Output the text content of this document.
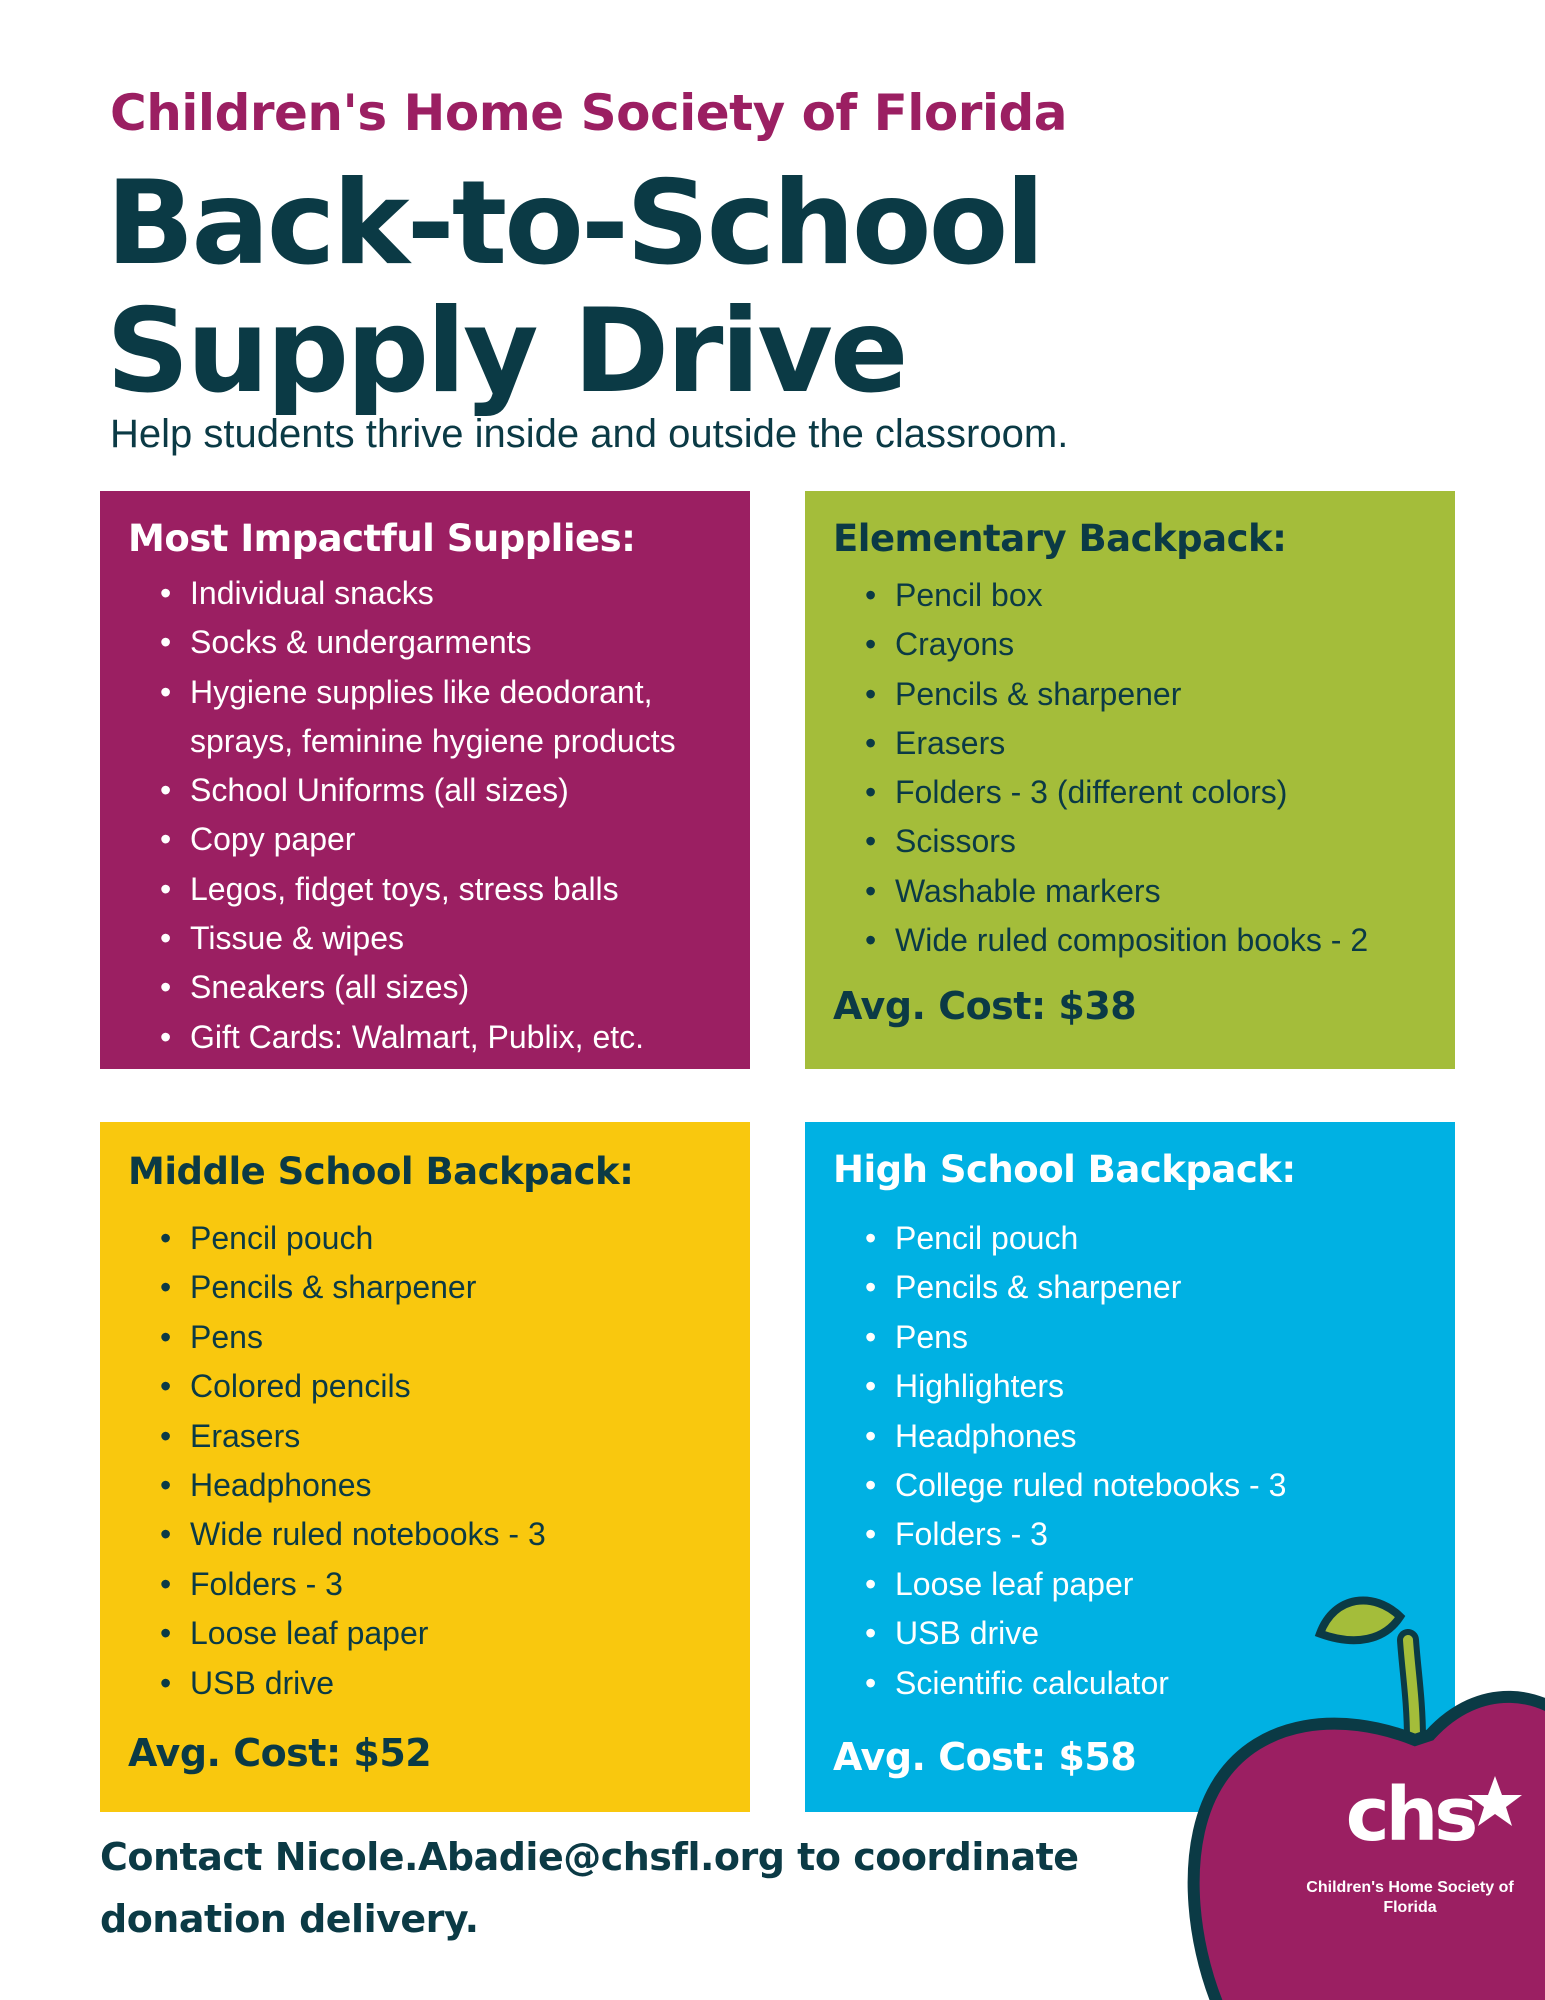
Children's Home Society of Florida
Back-to-School
Supply Drive

Help students thrive inside and outside the classroom.

Most Impactful Supplies:
• Individual snacks
• Socks & undergarments
• Hygiene supplies like deodorant, sprays, feminine hygiene products
• School Uniforms (all sizes)
• Copy paper
• Legos, fidget toys, stress balls
• Tissue & wipes
• Sneakers (all sizes)
• Gift Cards: Walmart, Publix, etc.
Elementary Backpack:
• Pencil box
• Crayons
• Pencils & sharpener
• Erasers
• Folders - 3 (different colors)
• Scissors
• Washable markers
• Wide ruled composition books - 2

Avg. Cost: $38

Middle School Backpack:
• Pencil pouch
• Pencils & sharpener
• Pens
• Colored pencils
• Erasers
• Headphones
• Wide ruled notebooks - 3
• Folders - 3
• Loose leaf paper
• USB drive

Avg. Cost: $52

High School Backpack:
• Pencil pouch
• Pencils & sharpener
• Pens
• Highlighters
• Headphones
• College ruled notebooks - 3
• Folders - 3
• Loose leaf paper
• USB drive
• Scientific calculator

Avg. Cost: $58

Contact Nicole.Abadie@chsfl.org to coordinate donation delivery.

chs
Children's Home Society of Florida
